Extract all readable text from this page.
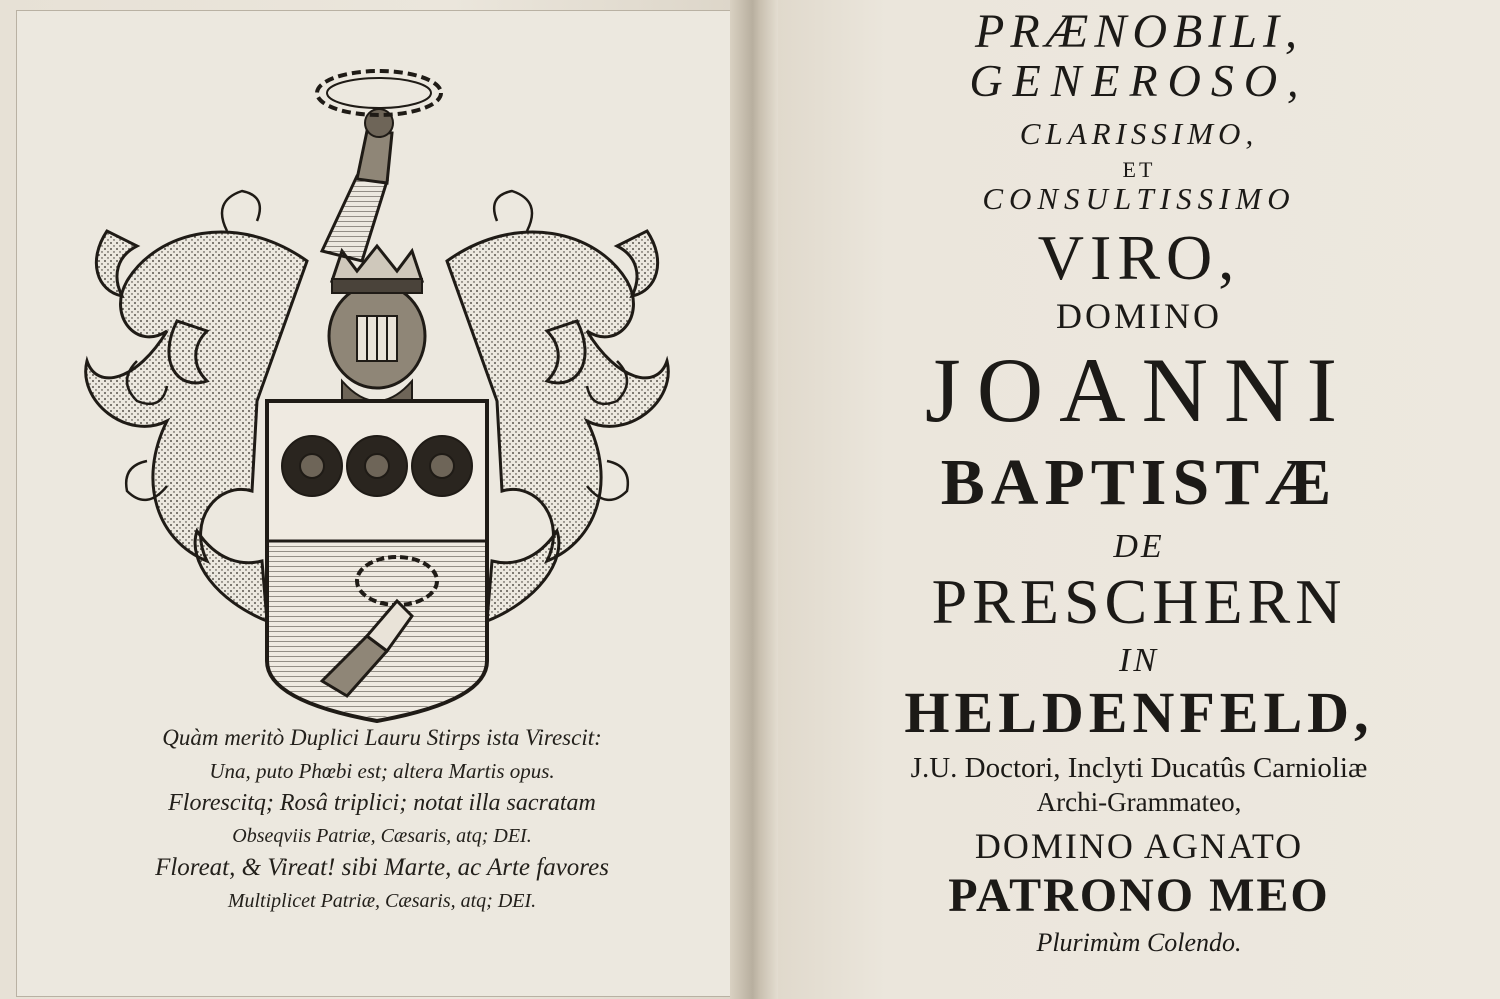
Quàm meritò Duplici Lauru Stirps ista Virescit:
Una, puto Phœbi est; altera Martis opus.
Florescitq; Rosâ triplici; notat illa sacratam
Obseqviis Patriæ, Cæsaris, atq; DEI.
Floreat, & Vireat! sibi Marte, ac Arte favores
Multiplicet Patriæ, Cæsaris, atq; DEI.
PRÆNOBILI,
GENEROSO,
CLARISSIMO,
ET
CONSULTISSIMO
VIRO,
DOMINO
JOANNI
BAPTISTÆ
DE
PRESCHERN
IN
HELDENFELD,
J.U. Doctori, Inclyti Ducatûs Carnioliæ
Archi-Grammateo,
DOMINO AGNATO
PATRONO MEO
Plurimùm Colendo.
